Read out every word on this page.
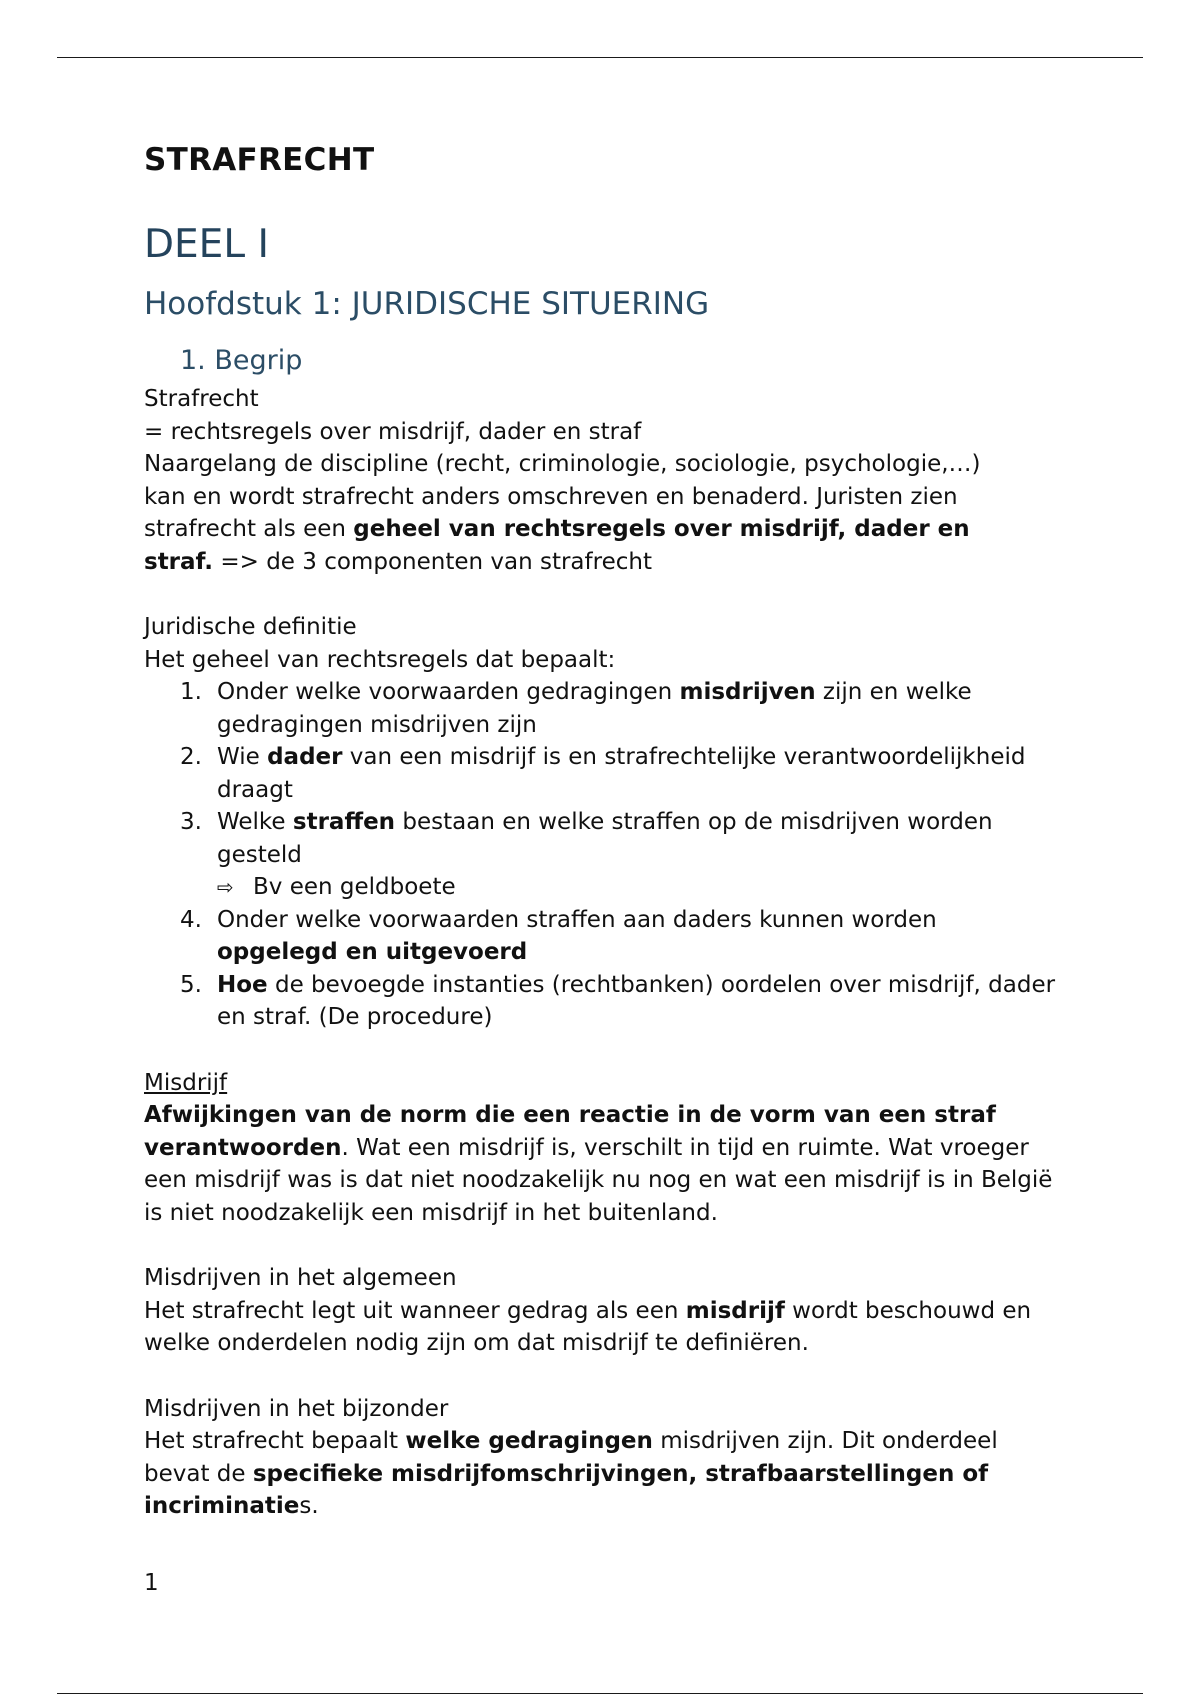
STRAFRECHT
DEEL I
Hoofdstuk 1: JURIDISCHE SITUERING
1. Begrip
Strafrecht
= rechtsregels over misdrijf, dader en straf
Naargelang de discipline (recht, criminologie, sociologie, psychologie,…)
kan en wordt strafrecht anders omschreven en benaderd. Juristen zien
strafrecht als een geheel van rechtsregels over misdrijf, dader en
straf. => de 3 componenten van strafrecht
Juridische definitie
Het geheel van rechtsregels dat bepaalt:
1. Onder welke voorwaarden gedragingen misdrijven zijn en welke gedragingen misdrijven zijn
2. Wie dader van een misdrijf is en strafrechtelijke verantwoordelijkheid draagt
3. Welke straffen bestaan en welke straffen op de misdrijven worden gesteld
⇨ Bv een geldboete
4. Onder welke voorwaarden straffen aan daders kunnen worden opgelegd en uitgevoerd
5. Hoe de bevoegde instanties (rechtbanken) oordelen over misdrijf, dader en straf. (De procedure)
Misdrijf
Afwijkingen van de norm die een reactie in de vorm van een straf verantwoorden. Wat een misdrijf is, verschilt in tijd en ruimte. Wat vroeger een misdrijf was is dat niet noodzakelijk nu nog en wat een misdrijf is in België is niet noodzakelijk een misdrijf in het buitenland.
Misdrijven in het algemeen
Het strafrecht legt uit wanneer gedrag als een misdrijf wordt beschouwd en welke onderdelen nodig zijn om dat misdrijf te definiëren.
Misdrijven in het bijzonder
Het strafrecht bepaalt welke gedragingen misdrijven zijn. Dit onderdeel bevat de specifieke misdrijfomschrijvingen, strafbaarstellingen of incriminaties.
1
